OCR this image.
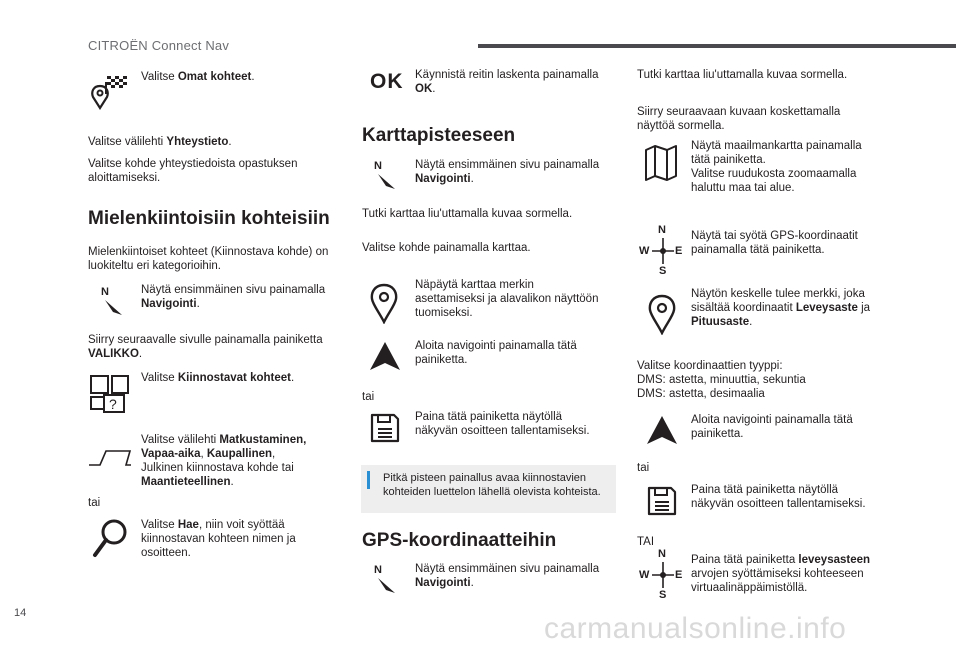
CITROËN Connect Nav
14	carmanualsonline.info
Valitse Omat kohteet.
Valitse välilehti Yhteystieto.
Valitse kohde yhteystiedoista opastuksen
aloittamiseksi.
Mielenkiintoisiin kohteisiin
Mielenkiintoiset kohteet (Kiinnostava kohde) on
luokiteltu eri kategorioihin.
N	Näytä ensimmäinen sivu painamalla
Navigointi.
Siirry seuraavalle sivulle painamalla painiketta
VALIKKO.
?
Valitse Kiinnostavat kohteet.
Valitse välilehti Matkustaminen,
Vapaa-aika, Kaupallinen,
Julkinen kiinnostava kohde tai
Maantieteellinen.
tai
Valitse Hae, niin voit syöttää
kiinnostavan kohteen nimen ja
osoitteen.
OK Käynnistä reitin laskenta painamalla
OK.
Karttapisteeseen
N	Näytä ensimmäinen sivu painamalla
Navigointi.
Tutki karttaa liu'uttamalla kuvaa sormella.
Valitse kohde painamalla karttaa.
Näpäytä karttaa merkin
asettamiseksi ja alavalikon näyttöön
tuomiseksi.
Aloita navigointi painamalla tätä
painiketta.
tai
Paina tätä painiketta näytöllä
näkyvän osoitteen tallentamiseksi.
Pitkä pisteen painallus avaa kiinnostavien
kohteiden luettelon lähellä olevista kohteista.
GPS-koordinaatteihin
N	Näytä ensimmäinen sivu painamalla
Navigointi.
Tutki karttaa liu'uttamalla kuvaa sormella.
Siirry seuraavaan kuvaan koskettamalla
näyttöä sormella.
Näytä maailmankartta painamalla
tätä painiketta.
Valitse ruudukosta zoomaamalla
haluttu maa tai alue.
N
W E
S
Näytä tai syötä GPS-koordinaatit
painamalla tätä painiketta.
Näytön keskelle tulee merkki, joka
sisältää koordinaatit Leveysaste ja
Pituusaste.
Valitse koordinaattien tyyppi:
DMS: astetta, minuuttia, sekuntia
DMS: astetta, desimaalia
Aloita navigointi painamalla tätä
painiketta.
tai
Paina tätä painiketta näytöllä
näkyvän osoitteen tallentamiseksi.
TAI
N
W E
S
Paina tätä painiketta leveysasteen
arvojen syöttämiseksi kohteeseen
virtuaalinäppäimistöllä.
